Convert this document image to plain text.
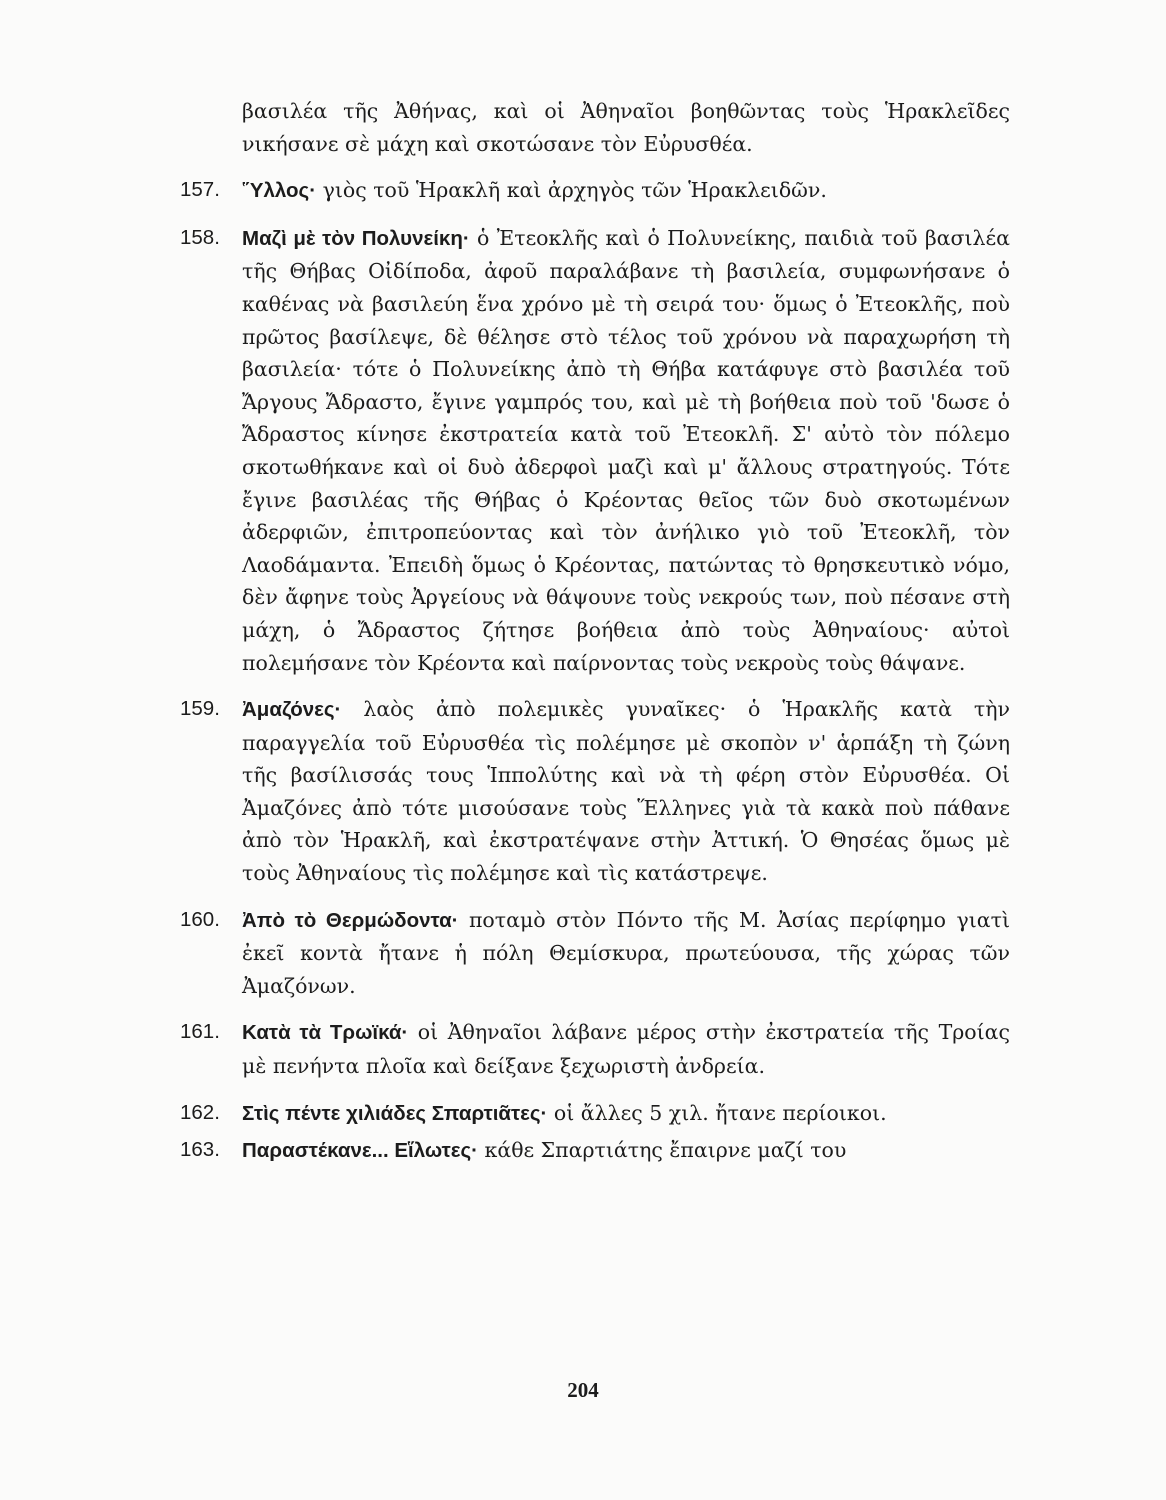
βασιλέα τῆς Ἀθήνας, καὶ οἱ Ἀθηναῖοι βοηθῶντας τοὺς Ἡρακλεῖδες νικήσανε σὲ μάχη καὶ σκοτώσανε τὸν Εὐρυσθέα.
157. Ὕλλος· γιὸς τοῦ Ἡρακλῆ καὶ ἀρχηγὸς τῶν Ἡρακλειδῶν.
158. Μαζὶ μὲ τὸν Πολυνείκη· ὁ Ἐτεοκλῆς καὶ ὁ Πολυνείκης, παιδιὰ τοῦ βασιλέα τῆς Θήβας Οἰδίποδα, ἀφοῦ παραλάβανε τὴ βασιλεία, συμφωνήσανε ὁ καθένας νὰ βασιλεύη ἕνα χρόνο μὲ τὴ σειρά του· ὅμως ὁ Ἐτεοκλῆς, ποὺ πρῶτος βασίλεψε, δὲ θέλησε στὸ τέλος τοῦ χρόνου νὰ παραχωρήση τὴ βασιλεία· τότε ὁ Πολυνείκης ἀπὸ τὴ Θήβα κατάφυγε στὸ βασιλέα τοῦ Ἄργους Ἄδραστο, ἔγινε γαμπρός του, καὶ μὲ τὴ βοήθεια ποὺ τοῦ 'δωσε ὁ Ἄδραστος κίνησε ἐκστρατεία κατὰ τοῦ Ἐτεοκλῆ. Σ' αὐτὸ τὸν πόλεμο σκοτωθήκανε καὶ οἱ δυὸ ἀδερφοὶ μαζὶ καὶ μ' ἄλλους στρατηγούς. Τότε ἔγινε βασιλέας τῆς Θήβας ὁ Κρέοντας θεῖος τῶν δυὸ σκοτωμένων ἀδερφιῶν, ἐπιτροπεύοντας καὶ τὸν ἀνήλικο γιὸ τοῦ Ἐτεοκλῆ, τὸν Λαοδάμαντα. Ἐπειδὴ ὅμως ὁ Κρέοντας, πατώντας τὸ θρησκευτικὸ νόμο, δὲν ἄφηνε τοὺς Ἀργείους νὰ θάψουνε τοὺς νεκρούς των, ποὺ πέσανε στὴ μάχη, ὁ Ἄδραστος ζήτησε βοήθεια ἀπὸ τοὺς Ἀθηναίους· αὐτοὶ πολεμήσανε τὸν Κρέοντα καὶ παίρνοντας τοὺς νεκροὺς τοὺς θάψανε.
159. Ἀμαζόνες· λαὸς ἀπὸ πολεμικὲς γυναῖκες· ὁ Ἡρακλῆς κατὰ τὴν παραγγελία τοῦ Εὐρυσθέα τὶς πολέμησε μὲ σκοπὸν ν' ἁρπάξη τὴ ζώνη τῆς βασίλισσάς τους Ἱππολύτης καὶ νὰ τὴ φέρη στὸν Εὐρυσθέα. Οἱ Ἀμαζόνες ἀπὸ τότε μισούσανε τοὺς Ἕλληνες γιὰ τὰ κακὰ ποὺ πάθανε ἀπὸ τὸν Ἡρακλῆ, καὶ ἐκστρατέψανε στὴν Ἀττική. Ὁ Θησέας ὅμως μὲ τοὺς Ἀθηναίους τὶς πολέμησε καὶ τὶς κατάστρεψε.
160. Ἀπὸ τὸ Θερμώδοντα· ποταμὸ στὸν Πόντο τῆς Μ. Ἀσίας περίφημο γιατὶ ἐκεῖ κοντὰ ἤτανε ἡ πόλη Θεμίσκυρα, πρωτεύουσα, τῆς χώρας τῶν Ἀμαζόνων.
161. Κατὰ τὰ Τρωϊκά· οἱ Ἀθηναῖοι λάβανε μέρος στὴν ἐκστρατεία τῆς Τροίας μὲ πενήντα πλοῖα καὶ δείξανε ξεχωριστὴ ἀνδρεία.
162. Στὶς πέντε χιλιάδες Σπαρτιᾶτες· οἱ ἄλλες 5 χιλ. ἤτανε περίοικοι.
163. Παραστέκανε... Εἵλωτες· κάθε Σπαρτιάτης ἔπαιρνε μαζί του
204
